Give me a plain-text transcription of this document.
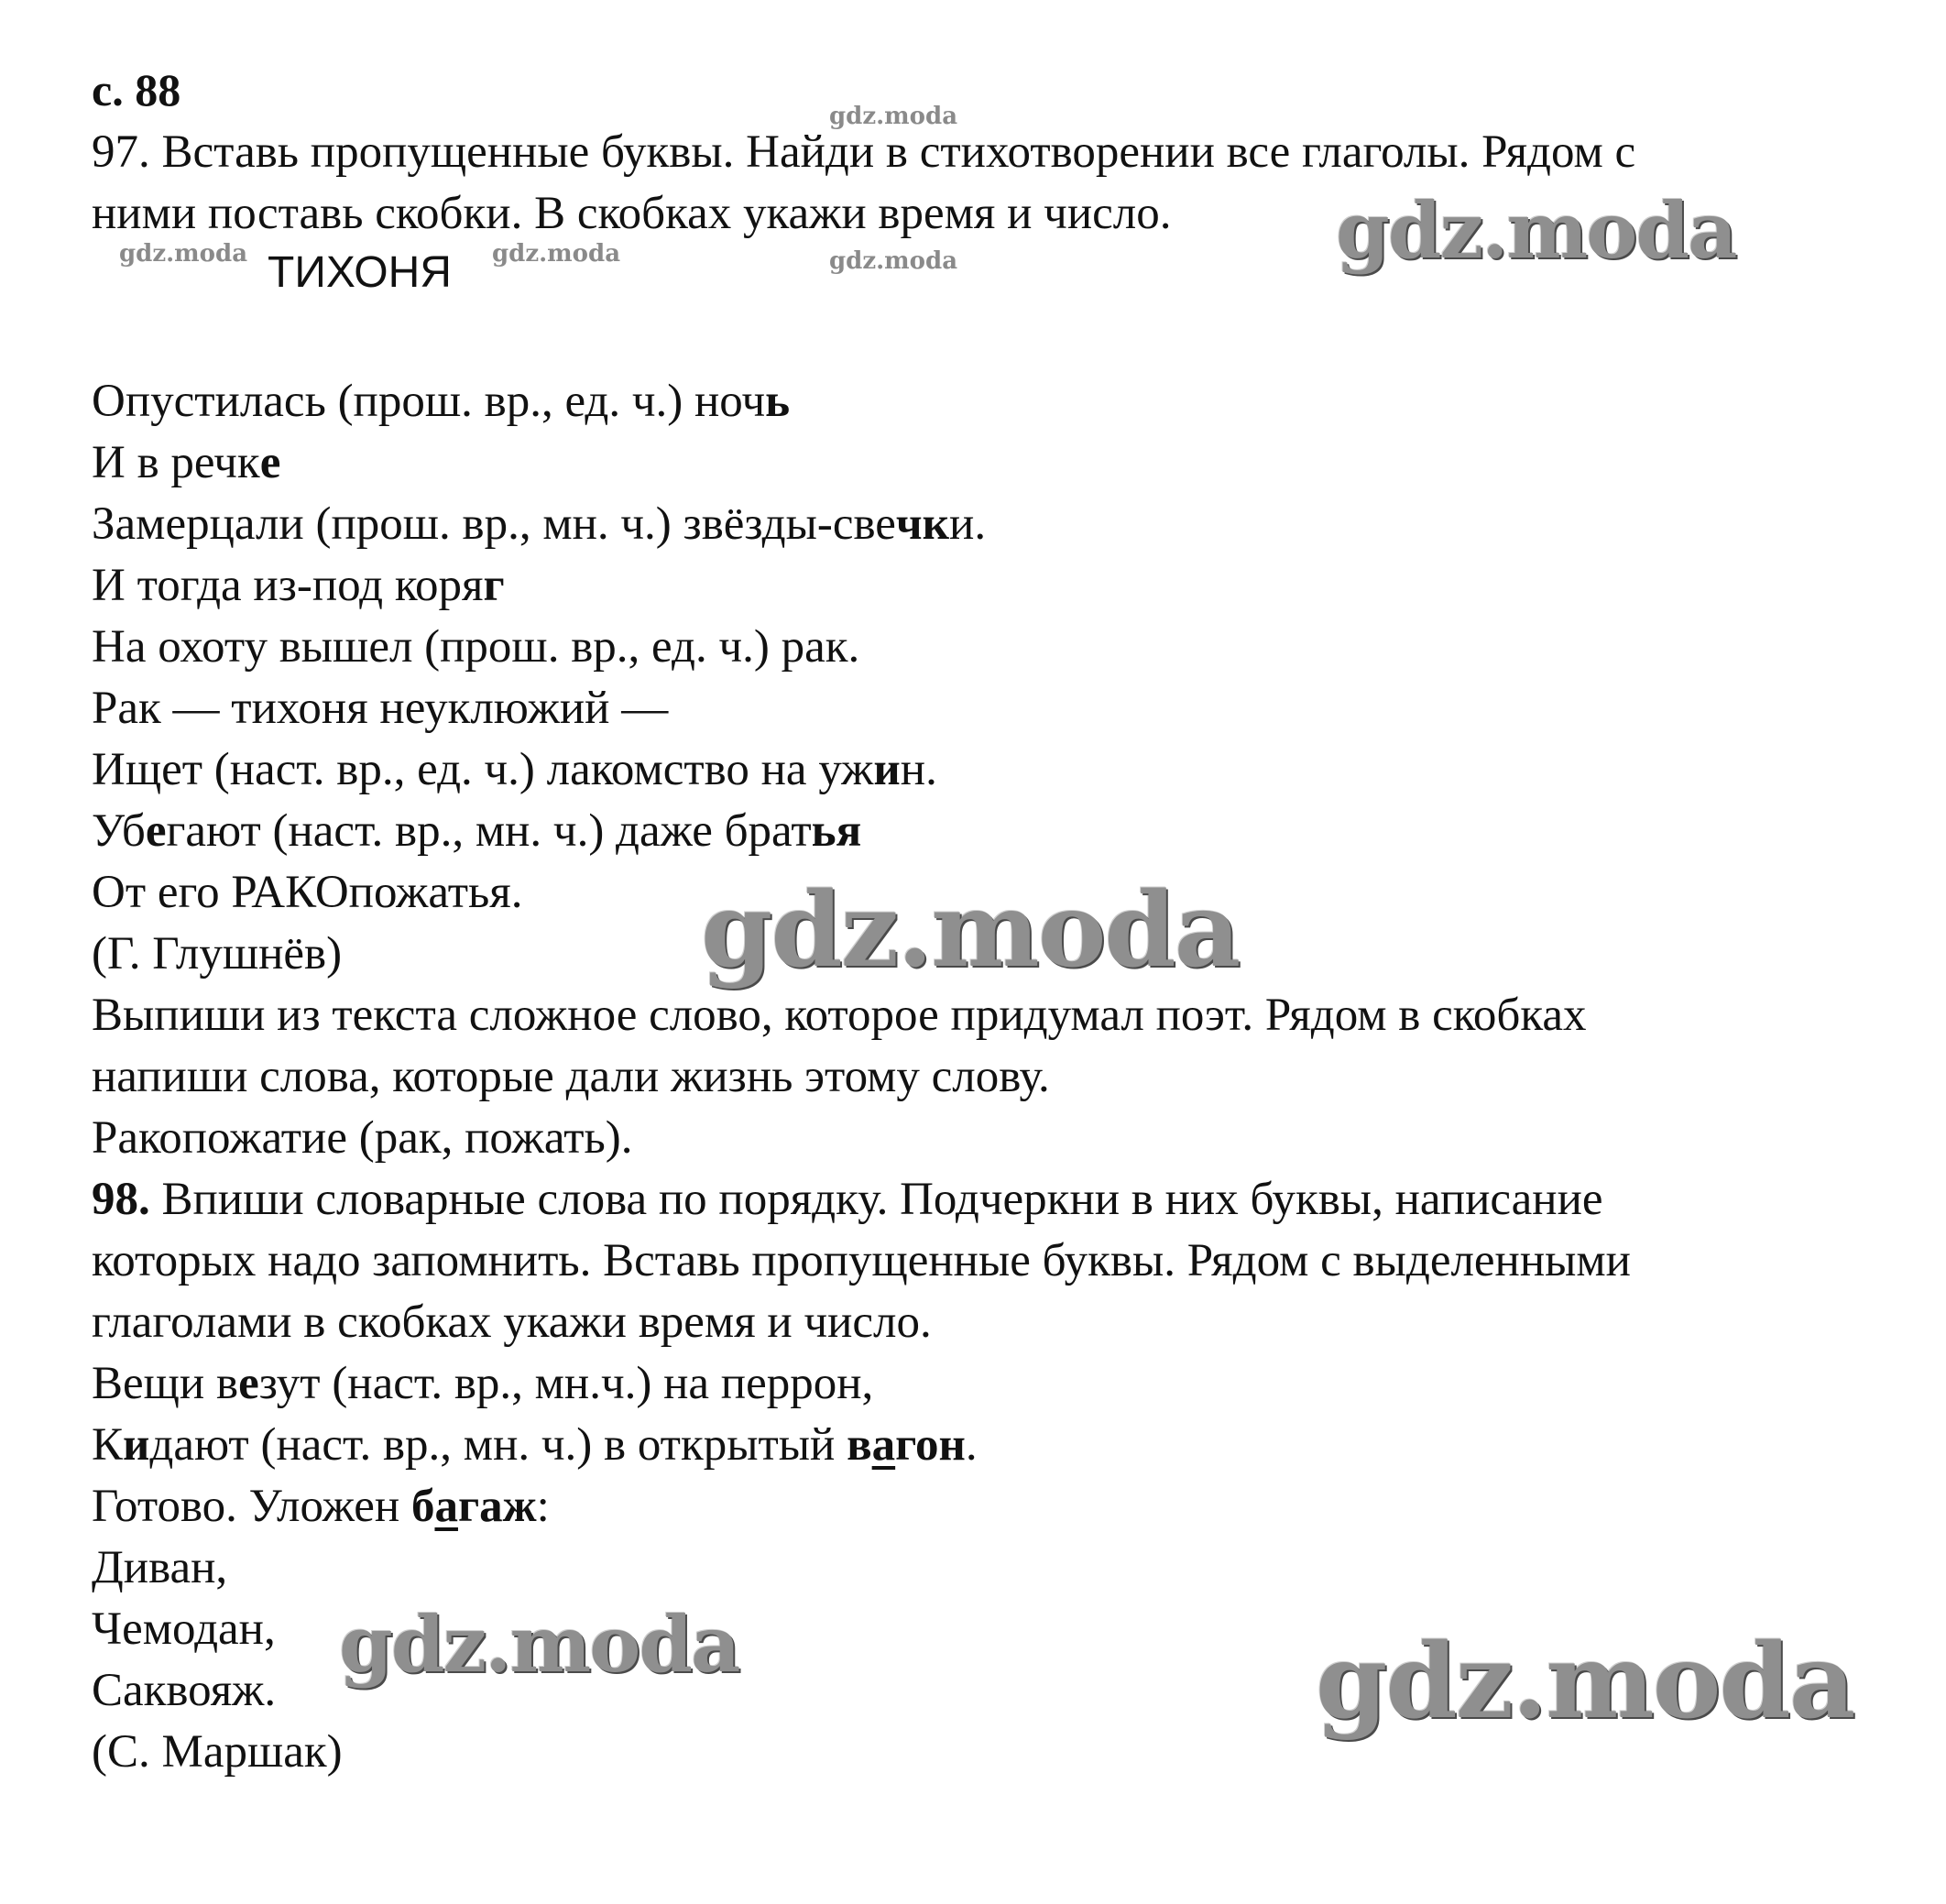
с. 88
97. Вставь пропущенные буквы. Найди в стихотворении все глаголы. Рядом с
ними поставь скобки. В скобках укажи время и число.
ТИХОНЯ
Опустилась (прош. вр., ед. ч.) ночь
И в речке
Замерцали (прош. вр., мн. ч.) звёзды-свечки.
И тогда из-под коряг
На охоту вышел (прош. вр., ед. ч.) рак.
Рак — тихоня неуклюжий —
Ищет (наст. вр., ед. ч.) лакомство на ужин.
Убегают (наст. вр., мн. ч.) даже братья
От его РАКОпожатья.
(Г. Глушнёв)
Выпиши из текста сложное слово, которое придумал поэт. Рядом в скобках
напиши слова, которые дали жизнь этому слову.
Ракопожатие (рак, пожать).
98. Впиши словарные слова по порядку. Подчеркни в них буквы, написание
которых надо запомнить. Вставь пропущенные буквы. Рядом с выделенными
глаголами в скобках укажи время и число.
Вещи везут (наст. вр., мн.ч.) на перрон,
Кидают (наст. вр., мн. ч.) в открытый вагон.
Готово. Уложен багаж:
Диван,
Чемодан,
Саквояж.
(С. Маршак)
gdz.moda
gdz.moda	gdz.moda	gdz.moda	gdz.moda
gdz.moda
gdz.moda	gdz.moda
